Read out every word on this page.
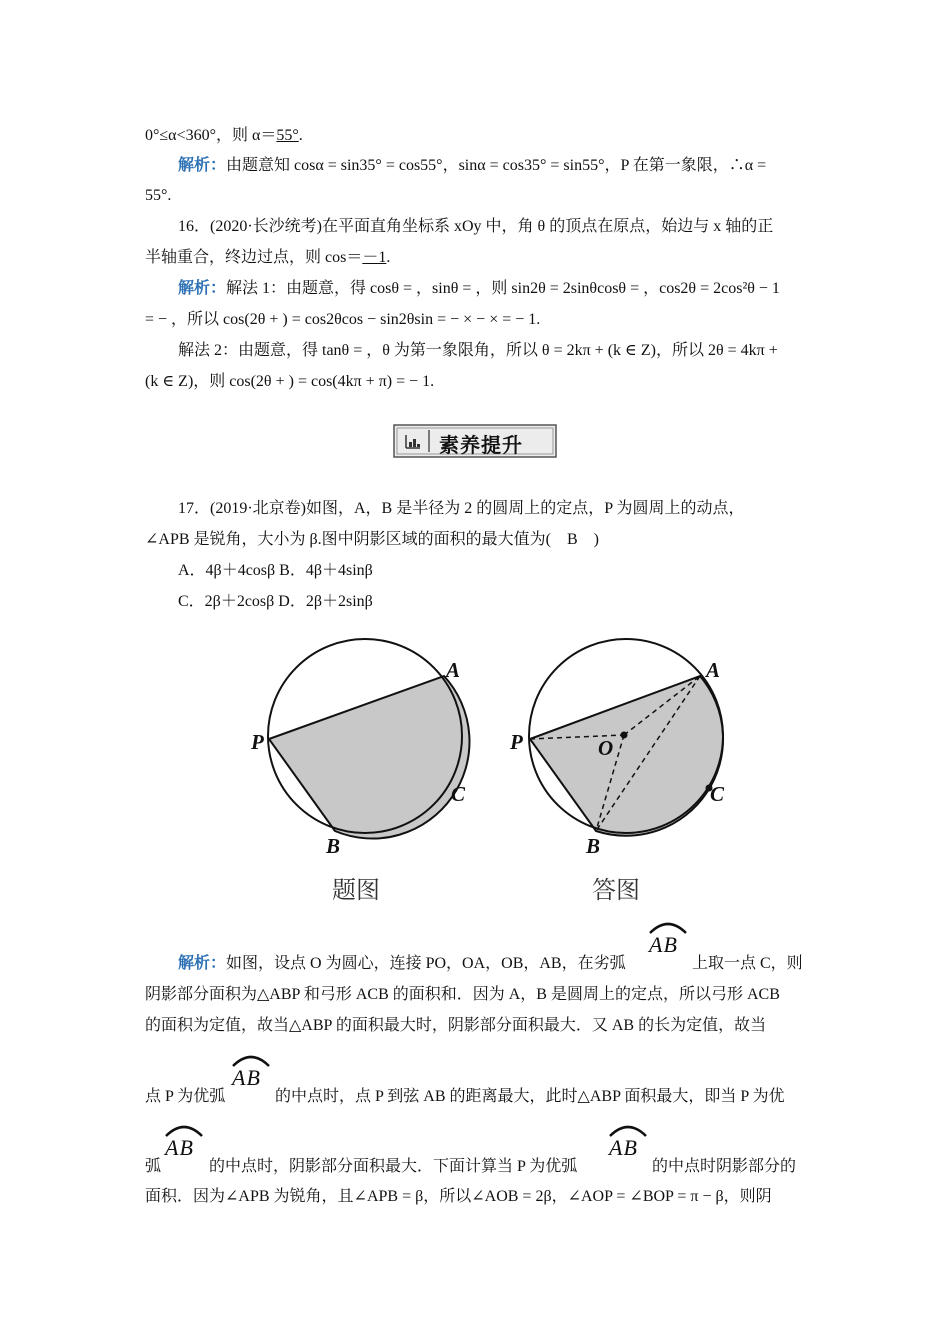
0°≤α<360°，则 α＝55°.
解析：由题意知 cosα = sin35° = cos55°，sinα = cos35° = sin55°，P 在第一象限，∴α =
55°.
16．(2020·长沙统考)在平面直角坐标系 xOy 中，角 θ 的顶点在原点，始边与 x 轴的正
半轴重合，终边过点，则 cos＝－1.
解析：解法 1：由题意，得 cosθ = ，sinθ = ，则 sin2θ = 2sinθcosθ = ，cos2θ = 2cos²θ − 1
= − ，所以 cos(2θ + ) = cos2θcos − sin2θsin = − × − × = − 1.
解法 2：由题意，得 tanθ = ，θ 为第一象限角，所以 θ = 2kπ + (k ∈ Z)，所以 2θ = 4kπ +
(k ∈ Z)，则 cos(2θ + ) = cos(4kπ + π) = − 1.
素养提升
17．(2019·北京卷)如图，A，B 是半径为 2 的圆周上的定点，P 为圆周上的动点，
∠APB 是锐角，大小为 β.图中阴影区域的面积的最大值为(　B　)
A．4β＋4cosβ B．4β＋4sinβ
C．2β＋2cosβ D．2β＋2sinβ
A
P
C
B
A
P	O
C
B
题图	答图
解析：如图，设点 O 为圆心，连接 PO，OA，OB，AB，在劣弧
AB
上取一点 C，则
阴影部分面积为△ABP 和弓形 ACB 的面积和．因为 A，B 是圆周上的定点，所以弓形 ACB
的面积为定值，故当△ABP 的面积最大时，阴影部分面积最大．又 AB 的长为定值，故当
点 P 为优弧
AB
的中点时，点 P 到弦 AB 的距离最大，此时△ABP 面积最大，即当 P 为优
弧
AB
的中点时，阴影部分面积最大．下面计算当 P 为优弧
AB
的中点时阴影部分的
面积．因为∠APB 为锐角，且∠APB = β，所以∠AOB = 2β，∠AOP = ∠BOP = π − β，则阴
